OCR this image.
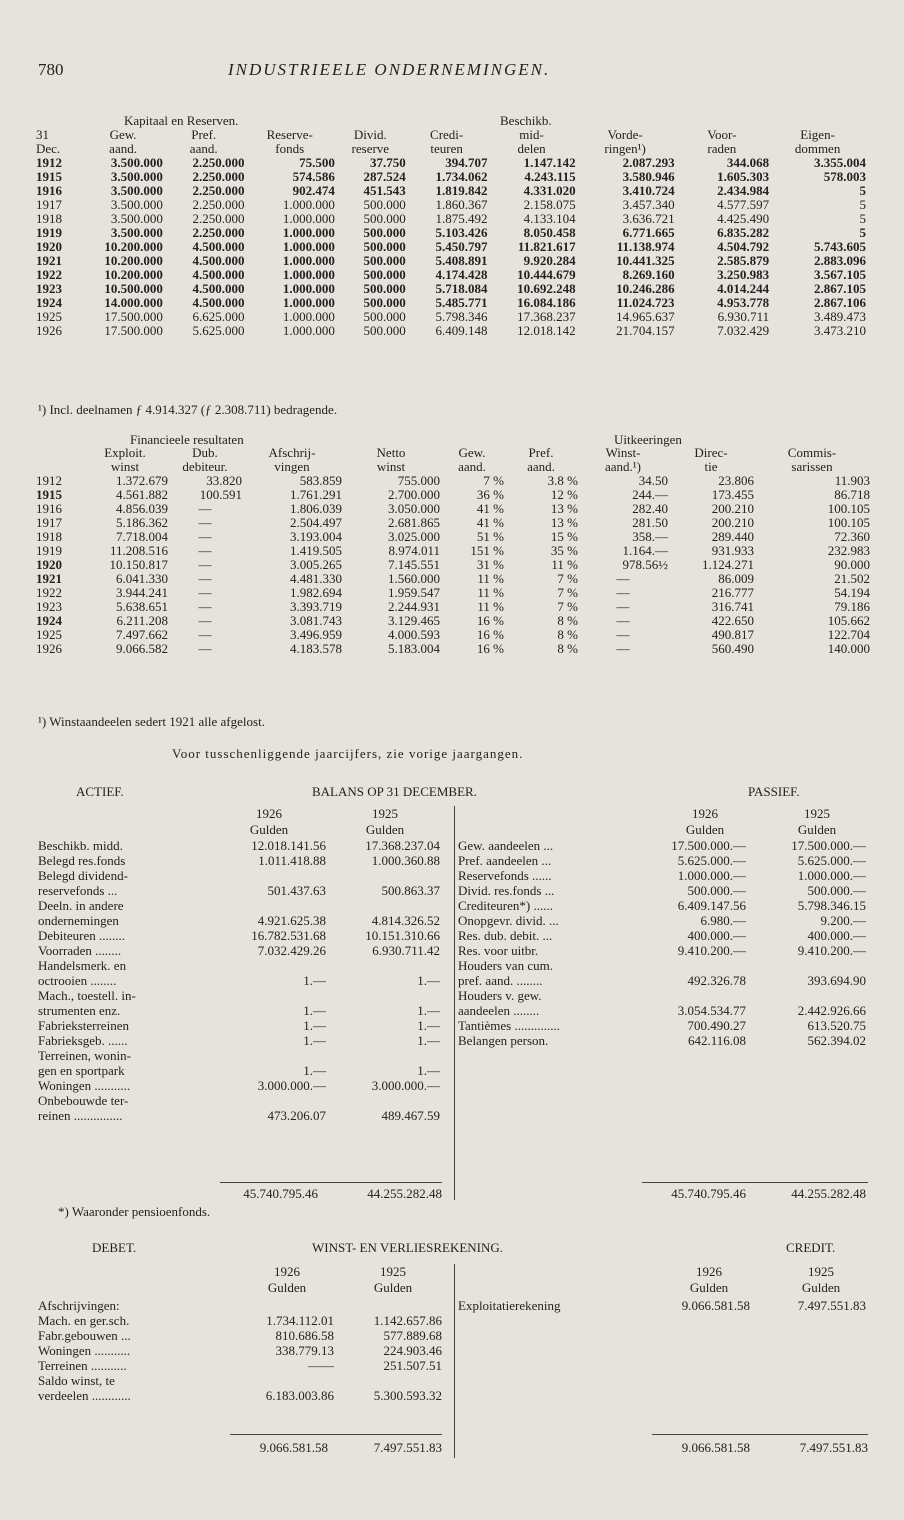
780	INDUSTRIEELE ONDERNEMINGEN.
Kapitaal en Reserven.	Beschikb.
31	Gew.	Pref.	Reserve-	Divid.	Credi-	mid-	Vorde-	Voor-	Eigen-
Dec.	aand.	aand.	fonds	reserve	teuren	delen	ringen¹)	raden	dommen
1912	3.500.000	2.250.000	75.500	37.750	394.707	1.147.142	2.087.293	344.068	3.355.004
1915	3.500.000	2.250.000	574.586	287.524	1.734.062	4.243.115	3.580.946	1.605.303	578.003
1916	3.500.000	2.250.000	902.474	451.543	1.819.842	4.331.020	3.410.724	2.434.984	5
1917	3.500.000	2.250.000	1.000.000	500.000	1.860.367	2.158.075	3.457.340	4.577.597	5
1918	3.500.000	2.250.000	1.000.000	500.000	1.875.492	4.133.104	3.636.721	4.425.490	5
1919	3.500.000	2.250.000	1.000.000	500.000	5.103.426	8.050.458	6.771.665	6.835.282	5
1920	10.200.000	4.500.000	1.000.000	500.000	5.450.797	11.821.617	11.138.974	4.504.792	5.743.605
1921	10.200.000	4.500.000	1.000.000	500.000	5.408.891	9.920.284	10.441.325	2.585.879	2.883.096
1922	10.200.000	4.500.000	1.000.000	500.000	4.174.428	10.444.679	8.269.160	3.250.983	3.567.105
1923	10.500.000	4.500.000	1.000.000	500.000	5.718.084	10.692.248	10.246.286	4.014.244	2.867.105
1924	14.000.000	4.500.000	1.000.000	500.000	5.485.771	16.084.186	11.024.723	4.953.778	2.867.106
1925	17.500.000	6.625.000	1.000.000	500.000	5.798.346	17.368.237	14.965.637	6.930.711	3.489.473
1926	17.500.000	5.625.000	1.000.000	500.000	6.409.148	12.018.142	21.704.157	7.032.429	3.473.210
¹) Incl. deelnamen ƒ 4.914.327 (ƒ 2.308.711) bedragende.
Financieele resultaten	Uitkeeringen
	Exploit.	Dub.	Afschrij-	Netto	Gew.	Pref.	Winst-	Direc-	Commis-
	winst	debiteur.	vingen	winst	aand.	aand.	aand.¹)	tie	sarissen
1912	1.372.679	33.820	583.859	755.000	7 %	3.8 %	34.50	23.806	11.903
1915	4.561.882	100.591	1.761.291	2.700.000	36 %	12 %	244.—	173.455	86.718
1916	4.856.039	—	1.806.039	3.050.000	41 %	13 %	282.40	200.210	100.105
1917	5.186.362	—	2.504.497	2.681.865	41 %	13 %	281.50	200.210	100.105
1918	7.718.004	—	3.193.004	3.025.000	51 %	15 %	358.—	289.440	72.360
1919	11.208.516	—	1.419.505	8.974.011	151 %	35 %	1.164.—	931.933	232.983
1920	10.150.817	—	3.005.265	7.145.551	31 %	11 %	978.56½	1.124.271	90.000
1921	6.041.330	—	4.481.330	1.560.000	11 %	7 %	—	86.009	21.502
1922	3.944.241	—	1.982.694	1.959.547	11 %	7 %	—	216.777	54.194
1923	5.638.651	—	3.393.719	2.244.931	11 %	7 %	—	316.741	79.186
1924	6.211.208	—	3.081.743	3.129.465	16 %	8 %	—	422.650	105.662
1925	7.497.662	—	3.496.959	4.000.593	16 %	8 %	—	490.817	122.704
1926	9.066.582	—	4.183.578	5.183.004	16 %	8 %	—	560.490	140.000
¹) Winstaandeelen sedert 1921 alle afgelost.
Voor tusschenliggende jaarcijfers, zie vorige jaargangen.
ACTIEF.	BALANS OP 31 DECEMBER.	PASSIEF.
1926	1925
Gulden	Gulden
1926	1925
Gulden	Gulden
Beschikb. midd.	12.018.141.56	17.368.237.04
Belegd res.fonds	1.011.418.88	1.000.360.88
Belegd dividend-		
reservefonds ...	501.437.63	500.863.37
Deeln. in andere		
ondernemingen	4.921.625.38	4.814.326.52
Debiteuren ........	16.782.531.68	10.151.310.66
Voorraden ........	7.032.429.26	6.930.711.42
Handelsmerk. en		
octrooien ........	1.—	1.—
Mach., toestell. in-		
strumenten enz.	1.—	1.—
Fabrieksterreinen	1.—	1.—
Fabrieksgeb. ......	1.—	1.—
Terreinen, wonin-		
gen en sportpark	1.—	1.—
Woningen ...........	3.000.000.—	3.000.000.—
Onbebouwde ter-		
reinen ...............	473.206.07	489.467.59
Gew. aandeelen ...	17.500.000.—	17.500.000.—
Pref. aandeelen ...	5.625.000.—	5.625.000.—
Reservefonds ......	1.000.000.—	1.000.000.—
Divid. res.fonds ...	500.000.—	500.000.—
Crediteuren*) ......	6.409.147.56	5.798.346.15
Onopgevr. divid. ...	6.980.—	9.200.—
Res. dub. debit. ...	400.000.—	400.000.—
Res. voor uitbr.	9.410.200.—	9.410.200.—
Houders van cum.		
pref. aand. ........	492.326.78	393.694.90
Houders v. gew.		
aandeelen ........	3.054.534.77	2.442.926.66
Tantièmes ..............	700.490.27	613.520.75
Belangen person.	642.116.08	562.394.02
45.740.795.46	44.255.282.48	45.740.795.46	44.255.282.48
*) Waaronder pensioenfonds.
DEBET.	WINST- EN VERLIESREKENING.	CREDIT.
1926	1925
Gulden	Gulden
1926	1925
Gulden	Gulden
Afschrijvingen:		
Mach. en ger.sch.	1.734.112.01	1.142.657.86
Fabr.gebouwen ...	810.686.58	577.889.68
Woningen ...........	338.779.13	224.903.46
Terreinen ...........	——	251.507.51
Saldo winst, te		
verdeelen ............	6.183.003.86	5.300.593.32
Exploitatierekening	9.066.581.58	7.497.551.83
9.066.581.58	7.497.551.83	9.066.581.58	7.497.551.83
